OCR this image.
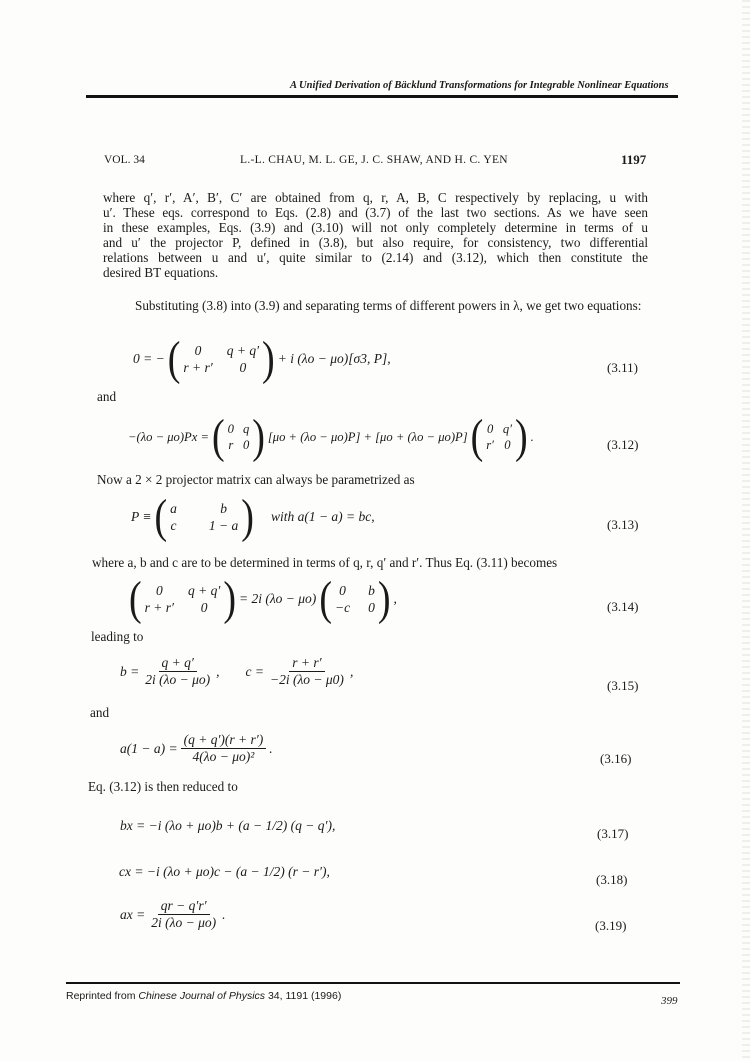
A Unified Derivation of Bäcklund Transformations for Integrable Nonlinear Equations
VOL. 34	L.-L. CHAU, M. L. GE, J. C. SHAW, AND H. C. YEN	1197
where q′, r′, A′, B′, C′ are obtained from q, r, A, B, C respectively by replacing, u with
u′. These eqs. correspond to Eqs. (2.8) and (3.7) of the last two sections. As we have seen
in these examples, Eqs. (3.9) and (3.10) will not only completely determine in terms of u
and u′ the projector P, defined in (3.8), but also require, for consistency, two differential
relations between u and u′, quite similar to (2.14) and (3.12), which then constitute the
desired BT equations.
Substituting (3.8) into (3.9) and separating terms of different powers in λ, we get two equations:
0 = − (	0	q + q′
r + r′	0 ) + i (λo − μo)[σ3, P],
(3.11)
and
−(λo − μo)Px = ( 0 q
r 0 ) [μo + (λo − μo)P] + [μo + (λo − μo)P] ( 0 q′
r′ 0 ) .
(3.12)
Now a 2 × 2 projector matrix can always be parametrized as
P ≡ ( a	b
c 1 − a ) with a(1 − a) = bc,
(3.13)
where a, b and c are to be determined in terms of q, r, q′ and r′. Thus Eq. (3.11) becomes
(	0	q + q′
r + r′	0 ) = 2i (λo − μo) ( 0	b
−c 0 ) ,
(3.14)
leading to
$b = \frac{q + q'}{2i (\lambda o - \mu o)}$ , $c = \frac{r + r'}{-2i (\lambda o - \mu 0)}$ ,
(3.15)
and
$a(1 - a) = \frac{(q + q')(r + r')}{\text{4(λo − μo)²}}$ .
(3.16)
Eq. (3.12) is then reduced to
bx = −i (λo + μo)b + (a − 1/2) (q − q′),
(3.17)
cx = −i (λo + μo)c − (a − 1/2) (r − r′),
(3.18)
ax = $\frac{qr - q'r'}{2i (\lambda o - \mu o)}$ .
(3.19)
Reprinted from Chinese Journal of Physics 34, 1191 (1996)	399
